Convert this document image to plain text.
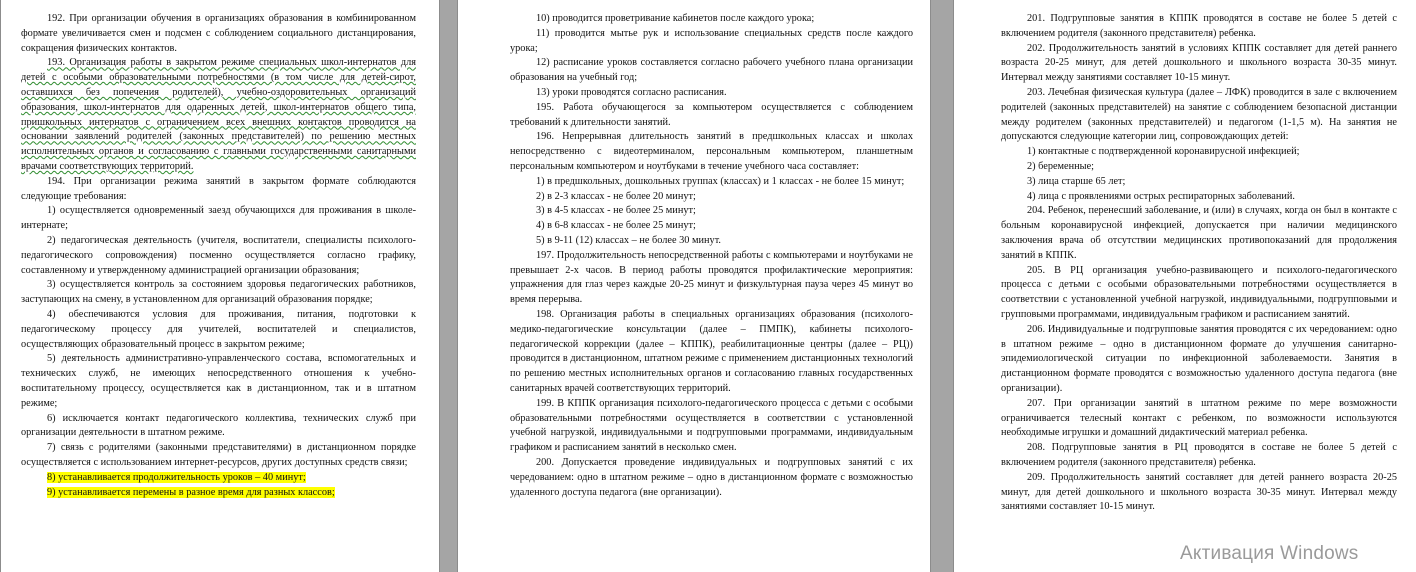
192. При организации обучения в организациях образования в комбинированном формате увеличивается смен и подсмен с соблюдением социального дистанцирования, сокращения физических контактов.

193. Организация работы в закрытом режиме специальных школ-интернатов для детей с особыми образовательными потребностями (в том числе для детей-сирот, оставшихся без попечения родителей), учебно-оздоровительных организаций образования, школ-интернатов для одаренных детей, школ-интернатов общего типа, пришкольных интернатов с ограничением всех внешних контактов проводится на основании заявлений родителей (законных представителей) по решению местных исполнительных органов и согласованию с главными государственными санитарными врачами соответствующих территорий.

194. При организации режима занятий в закрытом формате соблюдаются следующие требования:

1) осуществляется одновременный заезд обучающихся для проживания в школе-интернате;

2) педагогическая деятельность (учителя, воспитатели, специалисты психолого-педагогического сопровождения) посменно осуществляется согласно графику, составленному и утвержденному администрацией организации образования;

3) осуществляется контроль за состоянием здоровья педагогических работников, заступающих на смену, в установленном для организаций образования порядке;

4) обеспечиваются условия для проживания, питания, подготовки к педагогическому процессу для учителей, воспитателей и специалистов, осуществляющих образовательный процесс в закрытом режиме;

5) деятельность административно-управленческого состава, вспомогательных и технических служб, не имеющих непосредственного отношения к учебно-воспитательному процессу, осуществляется как в дистанционном, так и в штатном режиме;

6) исключается контакт педагогического коллектива, технических служб при организации деятельности в штатном режиме.

7) связь с родителями (законными представителями) в дистанционном порядке осуществляется с использованием интернет-ресурсов, других доступных средств связи;

8) устанавливается продолжительность уроков – 40 минут;

9) устанавливается перемены в разное время для разных классов;

10) проводится проветривание кабинетов после каждого урока;

11) проводится мытье рук и использование специальных средств после каждого урока;

12) расписание уроков составляется согласно рабочего учебного плана организации образования на учебный год;

13) уроки проводятся согласно расписания.

195. Работа обучающегося за компьютером осуществляется с соблюдением требований к длительности занятий.

196. Непрерывная длительность занятий в предшкольных классах и школах непосредственно с видеотерминалом, персональным компьютером, планшетным персональным компьютером и ноутбуками в течение учебного часа составляет:

1) в предшкольных, дошкольных группах (классах) и 1 классах - не более 15 минут;

2) в 2-3 классах - не более 20 минут;

3) в 4-5 классах - не более 25 минут;

4) в 6-8 классах - не более 25 минут;

5) в 9-11 (12) классах – не более 30 минут.

197. Продолжительность непосредственной работы с компьютерами и ноутбуками не превышает 2-х часов. В период работы проводятся профилактические мероприятия: упражнения для глаз через каждые 20-25 минут и физкультурная пауза через 45 минут во время перерыва.

198. Организация работы в специальных организациях образования (психолого-медико-педагогические консультации (далее – ПМПК), кабинеты психолого-педагогической коррекции (далее – КППК), реабилитационные центры (далее – РЦ)) проводится в дистанционном, штатном режиме с применением дистанционных технологий по решению местных исполнительных органов и согласованию главных государственных санитарных врачей соответствующих территорий.

199. В КППК организация психолого-педагогического процесса с детьми с особыми образовательными потребностями осуществляется в соответствии с установленной учебной нагрузкой, индивидуальными и подгрупповыми программами, индивидуальным графиком и расписанием занятий в несколько смен.

200. Допускается проведение индивидуальных и подгрупповых занятий с их чередованием: одно в штатном режиме – одно в дистанционном формате с возможностью удаленного доступа педагога (вне организации).

201. Подгрупповые занятия в КППК проводятся в составе не более 5 детей с включением родителя (законного представителя) ребенка.

202. Продолжительность занятий в условиях КППК составляет для детей раннего возраста 20-25 минут, для детей дошкольного и школьного возраста 30-35 минут. Интервал между занятиями составляет 10-15 минут.

203. Лечебная физическая культура (далее – ЛФК) проводится в зале с включением родителей (законных представителей) на занятие с соблюдением безопасной дистанции между родителем (законных представителей) и педагогом (1-1,5 м). На занятия не допускаются следующие категории лиц, сопровождающих детей:

1) контактные с подтвержденной коронавирусной инфекцией;

2) беременные;

3) лица старше 65 лет;

4) лица с проявлениями острых респираторных заболеваний.

204. Ребенок, перенесший заболевание, и (или) в случаях, когда он был в контакте с больным коронавирусной инфекцией, допускается при наличии медицинского заключения врача об отсутствии медицинских противопоказаний для продолжения занятий в КППК.

205. В РЦ организация учебно-развивающего и психолого-педагогического процесса с детьми с особыми образовательными потребностями осуществляется в соответствии с установленной учебной нагрузкой, индивидуальными, подгрупповыми и групповыми программами, индивидуальным графиком и расписанием занятий.

206. Индивидуальные и подгрупповые занятия проводятся с их чередованием: одно в штатном режиме – одно в дистанционном формате до улучшения санитарно-эпидемиологической ситуации по инфекционной заболеваемости. Занятия в дистанционном формате проводятся с возможностью удаленного доступа педагога (вне организации).

207. При организации занятий в штатном режиме по мере возможности ограничивается телесный контакт с ребенком, по возможности используются необходимые игрушки и домашний дидактический материал ребенка.

208. Подгрупповые занятия в РЦ проводятся в составе не более 5 детей с включением родителя (законного представителя) ребенка.

209. Продолжительность занятий составляет для детей раннего возраста 20-25 минут, для детей дошкольного и школьного возраста 30-35 минут. Интервал между занятиями составляет 10-15 минут.

Активация Windows
